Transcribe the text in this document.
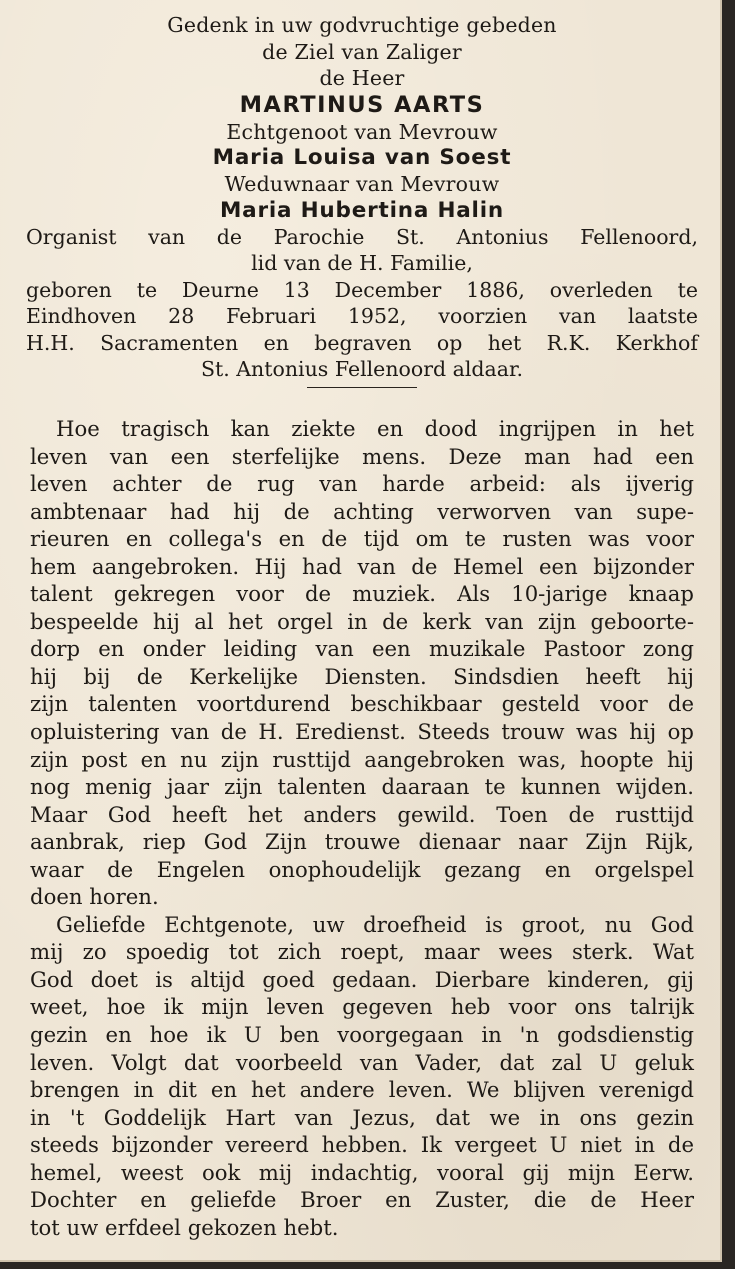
Gedenk in uw godvruchtige gebeden
de Ziel van Zaliger
de Heer
MARTINUS AARTS
Echtgenoot van Mevrouw
Maria Louisa van Soest
Weduwnaar van Mevrouw
Maria Hubertina Halin
Organist van de Parochie St. Antonius Fellenoord,
lid van de H. Familie,
geboren te Deurne 13 December 1886, overleden te
Eindhoven 28 Februari 1952, voorzien van laatste
H.H. Sacramenten en begraven op het R.K. Kerkhof
St. Antonius Fellenoord aldaar.
Hoe tragisch kan ziekte en dood ingrijpen in het
leven van een sterfelijke mens. Deze man had een
leven achter de rug van harde arbeid: als ijverig
ambtenaar had hij de achting verworven van supe-
rieuren en collega's en de tijd om te rusten was voor
hem aangebroken. Hij had van de Hemel een bijzonder
talent gekregen voor de muziek. Als 10-jarige knaap
bespeelde hij al het orgel in de kerk van zijn geboorte-
dorp en onder leiding van een muzikale Pastoor zong
hij bij de Kerkelijke Diensten. Sindsdien heeft hij
zijn talenten voortdurend beschikbaar gesteld voor de
opluistering van de H. Eredienst. Steeds trouw was hij op
zijn post en nu zijn rusttijd aangebroken was, hoopte hij
nog menig jaar zijn talenten daaraan te kunnen wijden.
Maar God heeft het anders gewild. Toen de rusttijd
aanbrak, riep God Zijn trouwe dienaar naar Zijn Rijk,
waar de Engelen onophoudelijk gezang en orgelspel
doen horen.
Geliefde Echtgenote, uw droefheid is groot, nu God
mij zo spoedig tot zich roept, maar wees sterk. Wat
God doet is altijd goed gedaan. Dierbare kinderen, gij
weet, hoe ik mijn leven gegeven heb voor ons talrijk
gezin en hoe ik U ben voorgegaan in 'n godsdienstig
leven. Volgt dat voorbeeld van Vader, dat zal U geluk
brengen in dit en het andere leven. We blijven verenigd
in 't Goddelijk Hart van Jezus, dat we in ons gezin
steeds bijzonder vereerd hebben. Ik vergeet U niet in de
hemel, weest ook mij indachtig, vooral gij mijn Eerw.
Dochter en geliefde Broer en Zuster, die de Heer
tot uw erfdeel gekozen hebt.
